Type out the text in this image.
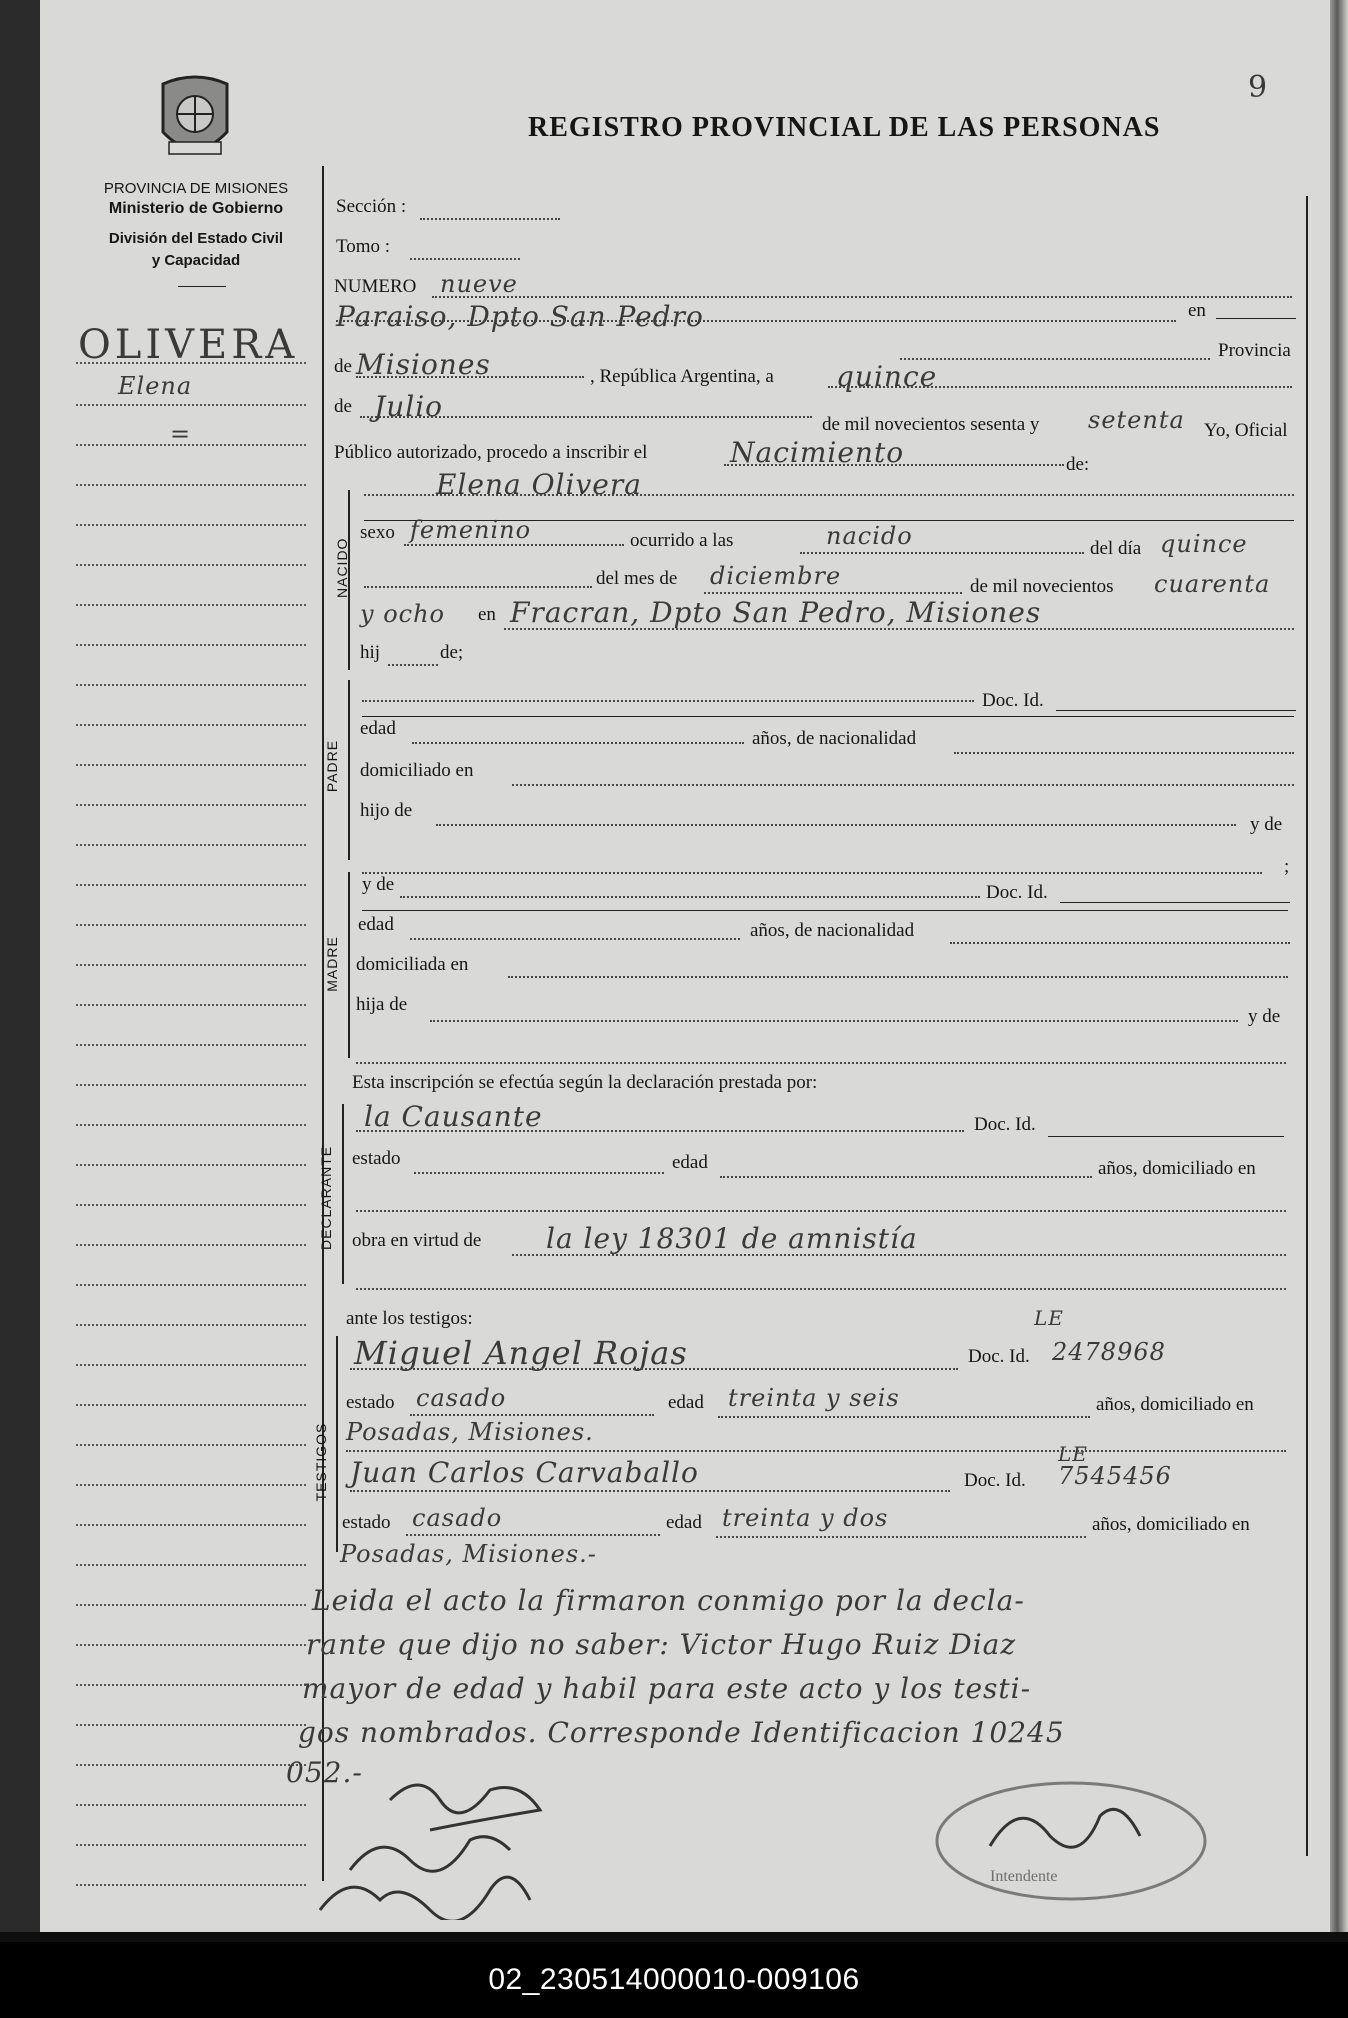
PROVINCIA DE MISIONES
Ministerio de Gobierno
División del Estado Civil
y Capacidad
REGISTRO PROVINCIAL DE LAS PERSONAS
9
OLIVERA
Elena
=
Sección :
Tomo :
NUMERO nueve
Paraiso, Dpto San Pedro	en
Provincia
de Misiones	, República Argentina, a quince
de Julio
de mil novecientos sesenta y setenta Yo, Oficial
Público autorizado, procedo a inscribir el	Nacimiento	de:
NACIDO
Elena Olivera
sexo femenino	ocurrido a las	nacido	del día quince
del mes de diciembre	de mil novecientos cuarenta
y ocho en Fracran, Dpto San Pedro, Misiones
hij	de;
PADRE
Doc. Id.
edad	años, de nacionalidad
domiciliado en
hijo de
y de
;
MADRE
y de	Doc. Id.
edad	años, de nacionalidad
domiciliada en
hija de
y de
Esta inscripción se efectúa según la declaración prestada por:
DECLARANTE
la Causante	Doc. Id.
estado	edad	años, domiciliado en
obra en virtud de la ley 18301 de amnistía
ante los testigos:
TESTIGOS
Miguel Angel Rojas	Doc. Id.
LE
2478968
estado casado	edad treinta y seis	años, domiciliado en
Posadas, Misiones.
Juan Carlos Carvaballo	Doc. Id.
LE
7545456
estado casado	edad treinta y dos	años, domiciliado en
Posadas, Misiones.-
Leida el acto la firmaron conmigo por la decla-
rante que dijo no saber: Victor Hugo Ruiz Diaz
mayor de edad y habil para este acto y los testi-
gos nombrados. Corresponde Identificacion 10245
052.-
Intendente
02_230514000010-009106
